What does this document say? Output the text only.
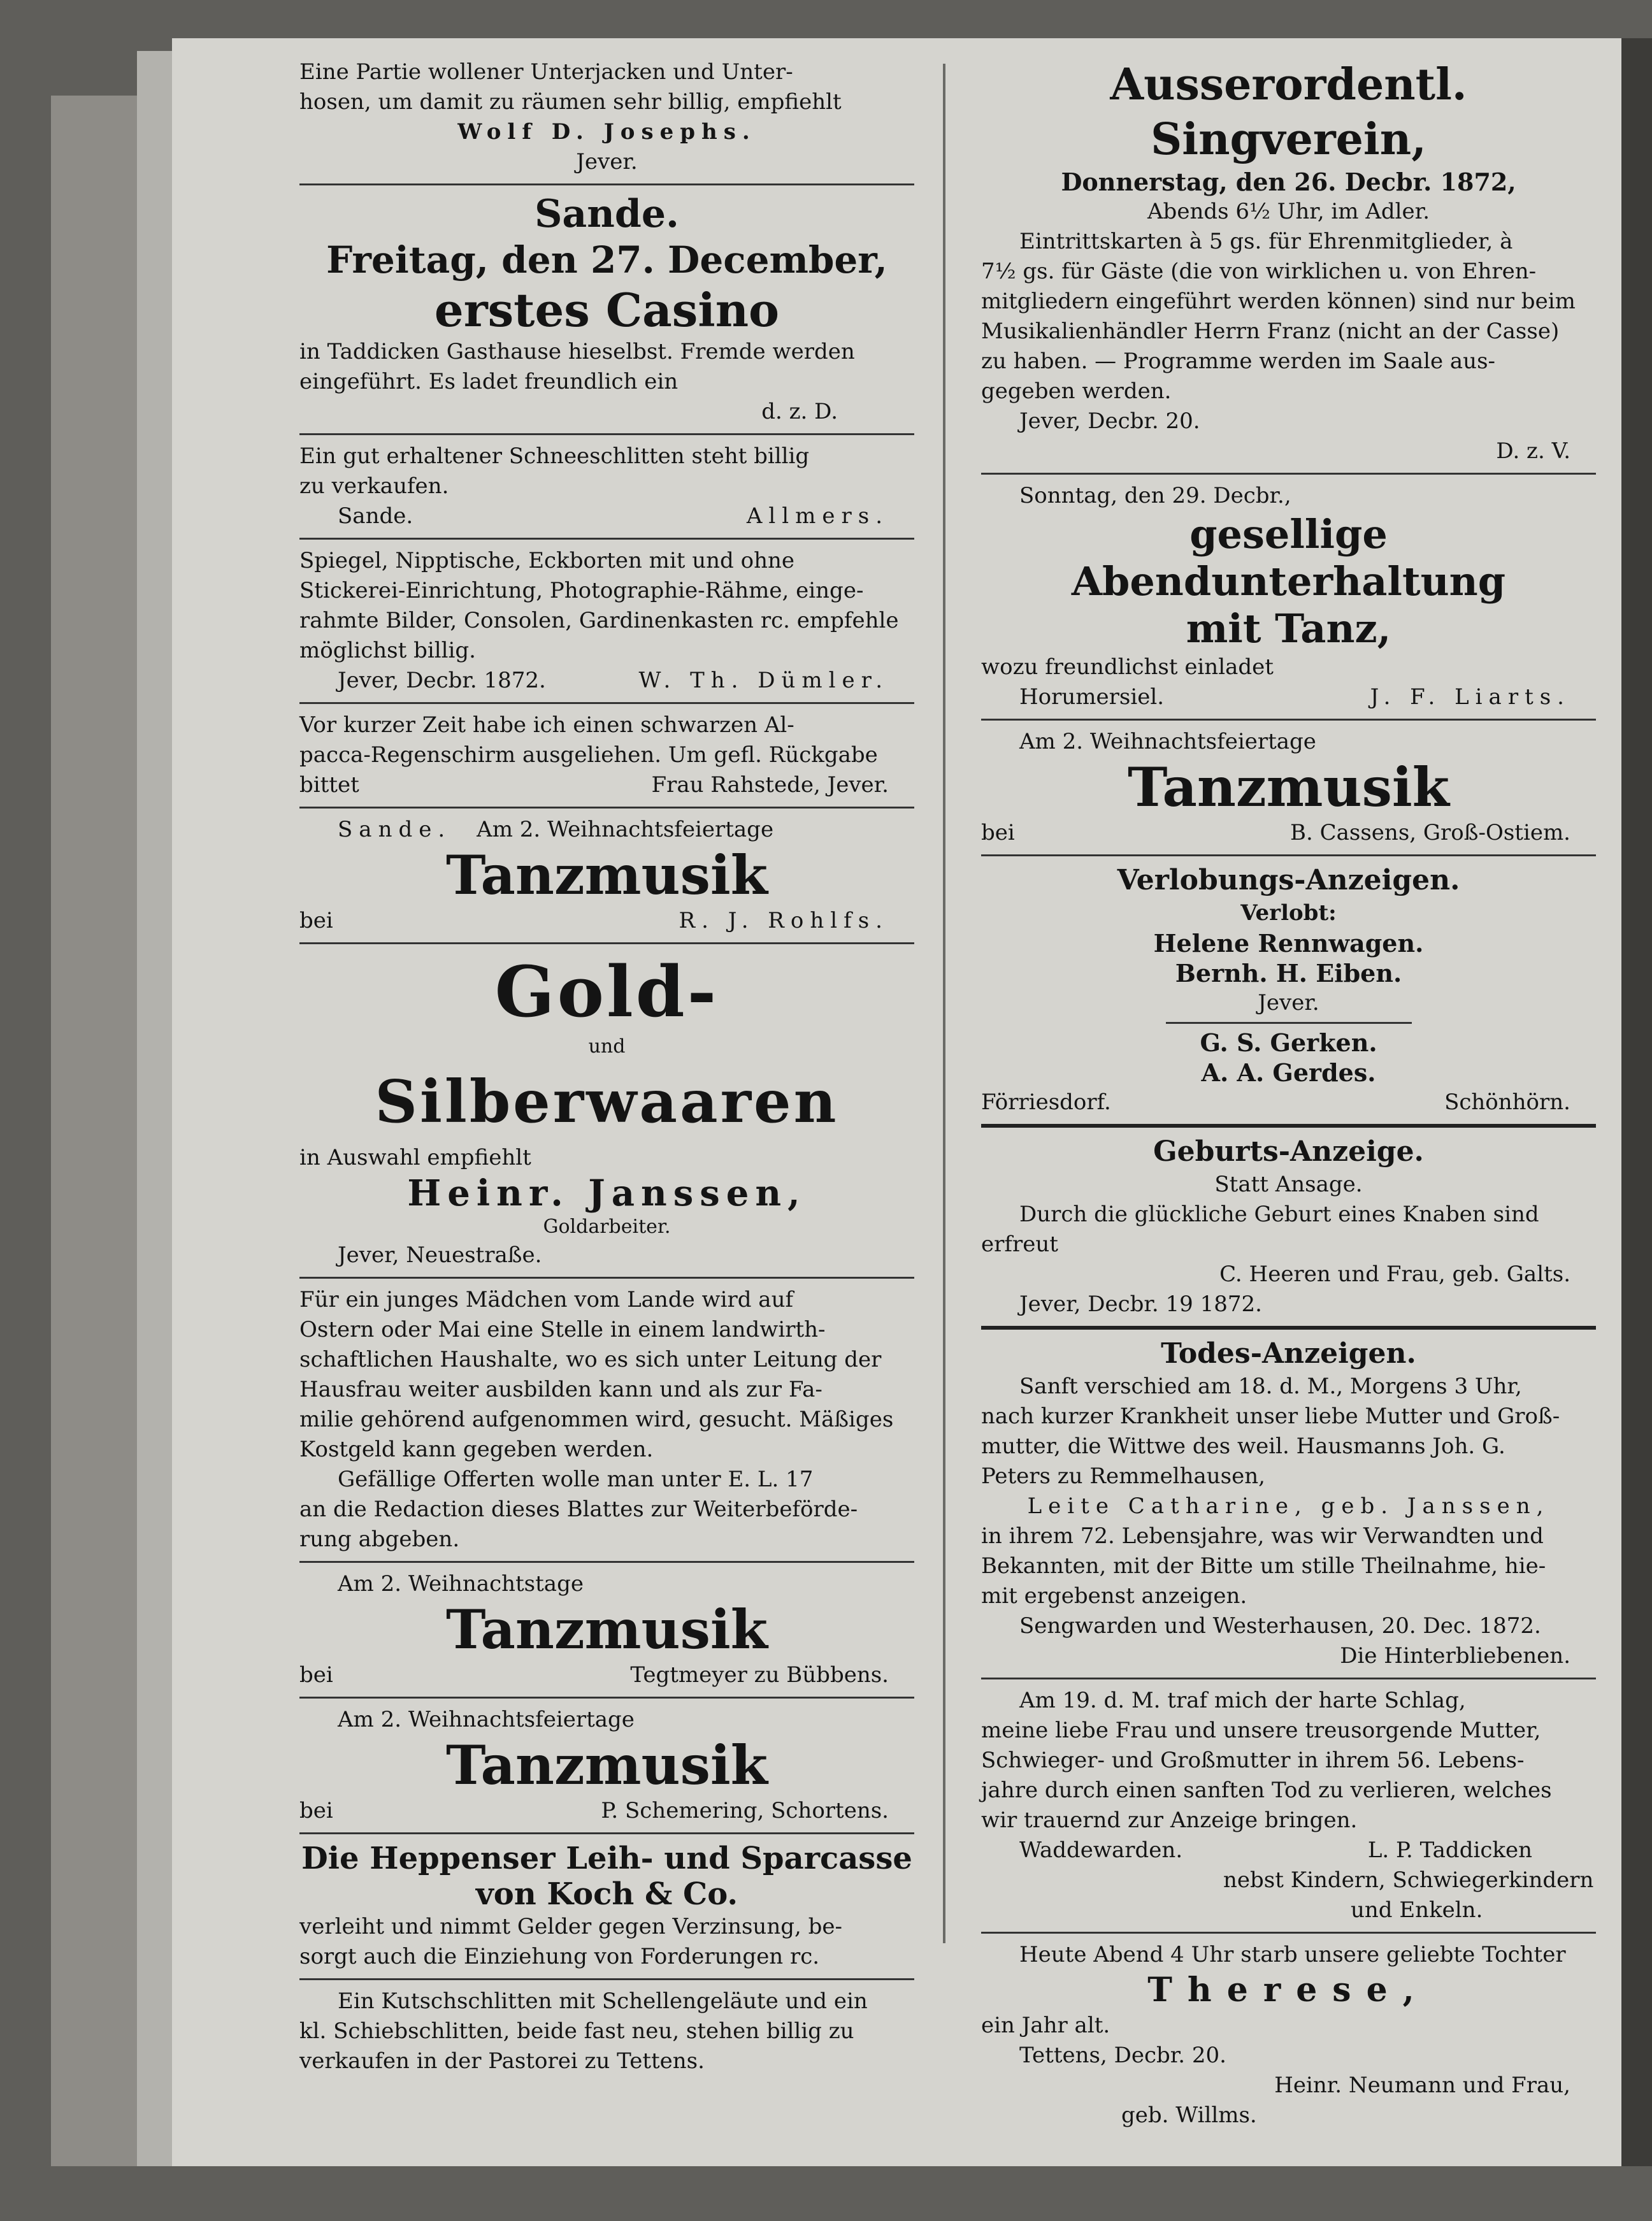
Eine Partie wollener Unterjacken und Unter-

hosen, um damit zu räumen sehr billig, empfiehlt

Wolf D. Josephs.

Jever.

Sande.
Freitag, den 27. December,
erstes Casino

in Taddicken Gasthause hieselbst. Fremde werden

eingeführt. Es ladet freundlich ein

d. z. D.

Ein gut erhaltener Schneeschlitten steht billig

zu verkaufen.

Sande.	Allmers.

Spiegel, Nipptische, Eckborten mit und ohne

Stickerei-Einrichtung, Photographie-Rähme, einge-

rahmte Bilder, Consolen, Gardinenkasten rc. empfehle

möglichst billig.

Jever, Decbr. 1872.	W. Th. Dümler.

Vor kurzer Zeit habe ich einen schwarzen Al-

pacca-Regenschirm ausgeliehen. Um gefl. Rückgabe

bittet	Frau Rahstede, Jever.
Sande. Am 2. Weihnachtsfeiertage
Tanzmusik
bei	R. J. Rohlfs.
Gold-

und

Silberwaaren

in Auswahl empfiehlt

Heinr. Janssen,

Goldarbeiter.

Jever, Neuestraße.

Für ein junges Mädchen vom Lande wird auf

Ostern oder Mai eine Stelle in einem landwirth-

schaftlichen Haushalte, wo es sich unter Leitung der

Hausfrau weiter ausbilden kann und als zur Fa-

milie gehörend aufgenommen wird, gesucht. Mäßiges

Kostgeld kann gegeben werden.

Gefällige Offerten wolle man unter E. L. 17

an die Redaction dieses Blattes zur Weiterbeförde-

rung abgeben.

Am 2. Weihnachtstage

Tanzmusik
bei	Tegtmeyer zu Bübbens.

Am 2. Weihnachtsfeiertage

Tanzmusik
bei	P. Schemering, Schortens.
Die Heppenser Leih- und Sparcasse
von Koch & Co.

verleiht und nimmt Gelder gegen Verzinsung, be-

sorgt auch die Einziehung von Forderungen rc.

Ein Kutschschlitten mit Schellengeläute und ein

kl. Schiebschlitten, beide fast neu, stehen billig zu

verkaufen in der Pastorei zu Tettens.

Ausserordentl. Singverein,

Donnerstag, den 26. Decbr. 1872,

Abends 6½ Uhr, im Adler.

Eintrittskarten à 5 gs. für Ehrenmitglieder, à

7½ gs. für Gäste (die von wirklichen u. von Ehren-

mitgliedern eingeführt werden können) sind nur beim

Musikalienhändler Herrn Franz (nicht an der Casse)

zu haben. — Programme werden im Saale aus-

gegeben werden.

Jever, Decbr. 20.

D. z. V.

Sonntag, den 29. Decbr.,

gesellige Abendunterhaltung
mit Tanz,

wozu freundlichst einladet

Horumersiel.	J. F. Liarts.

Am 2. Weihnachtsfeiertage

Tanzmusik
bei	B. Cassens, Groß-Ostiem.
Verlobungs-Anzeigen.

Verlobt:

Helene Rennwagen.

Bernh. H. Eiben.

Jever.

G. S. Gerken.

A. A. Gerdes.

Förriesdorf.	Schönhörn.
Geburts-Anzeige.

Statt Ansage.

Durch die glückliche Geburt eines Knaben sind

erfreut

C. Heeren und Frau, geb. Galts.

Jever, Decbr. 19 1872.

Todes-Anzeigen.

Sanft verschied am 18. d. M., Morgens 3 Uhr,

nach kurzer Krankheit unser liebe Mutter und Groß-

mutter, die Wittwe des weil. Hausmanns Joh. G.

Peters zu Remmelhausen,

Leite Catharine, geb. Janssen,

in ihrem 72. Lebensjahre, was wir Verwandten und

Bekannten, mit der Bitte um stille Theilnahme, hie-

mit ergebenst anzeigen.

Sengwarden und Westerhausen, 20. Dec. 1872.

Die Hinterbliebenen.

Am 19. d. M. traf mich der harte Schlag,

meine liebe Frau und unsere treusorgende Mutter,

Schwieger- und Großmutter in ihrem 56. Lebens-

jahre durch einen sanften Tod zu verlieren, welches

wir trauernd zur Anzeige bringen.

Waddewarden.	L. P. Taddicken

nebst Kindern, Schwiegerkindern

und Enkeln.

Heute Abend 4 Uhr starb unsere geliebte Tochter

Therese,

ein Jahr alt.

Tettens, Decbr. 20.

Heinr. Neumann und Frau,

geb. Willms.
